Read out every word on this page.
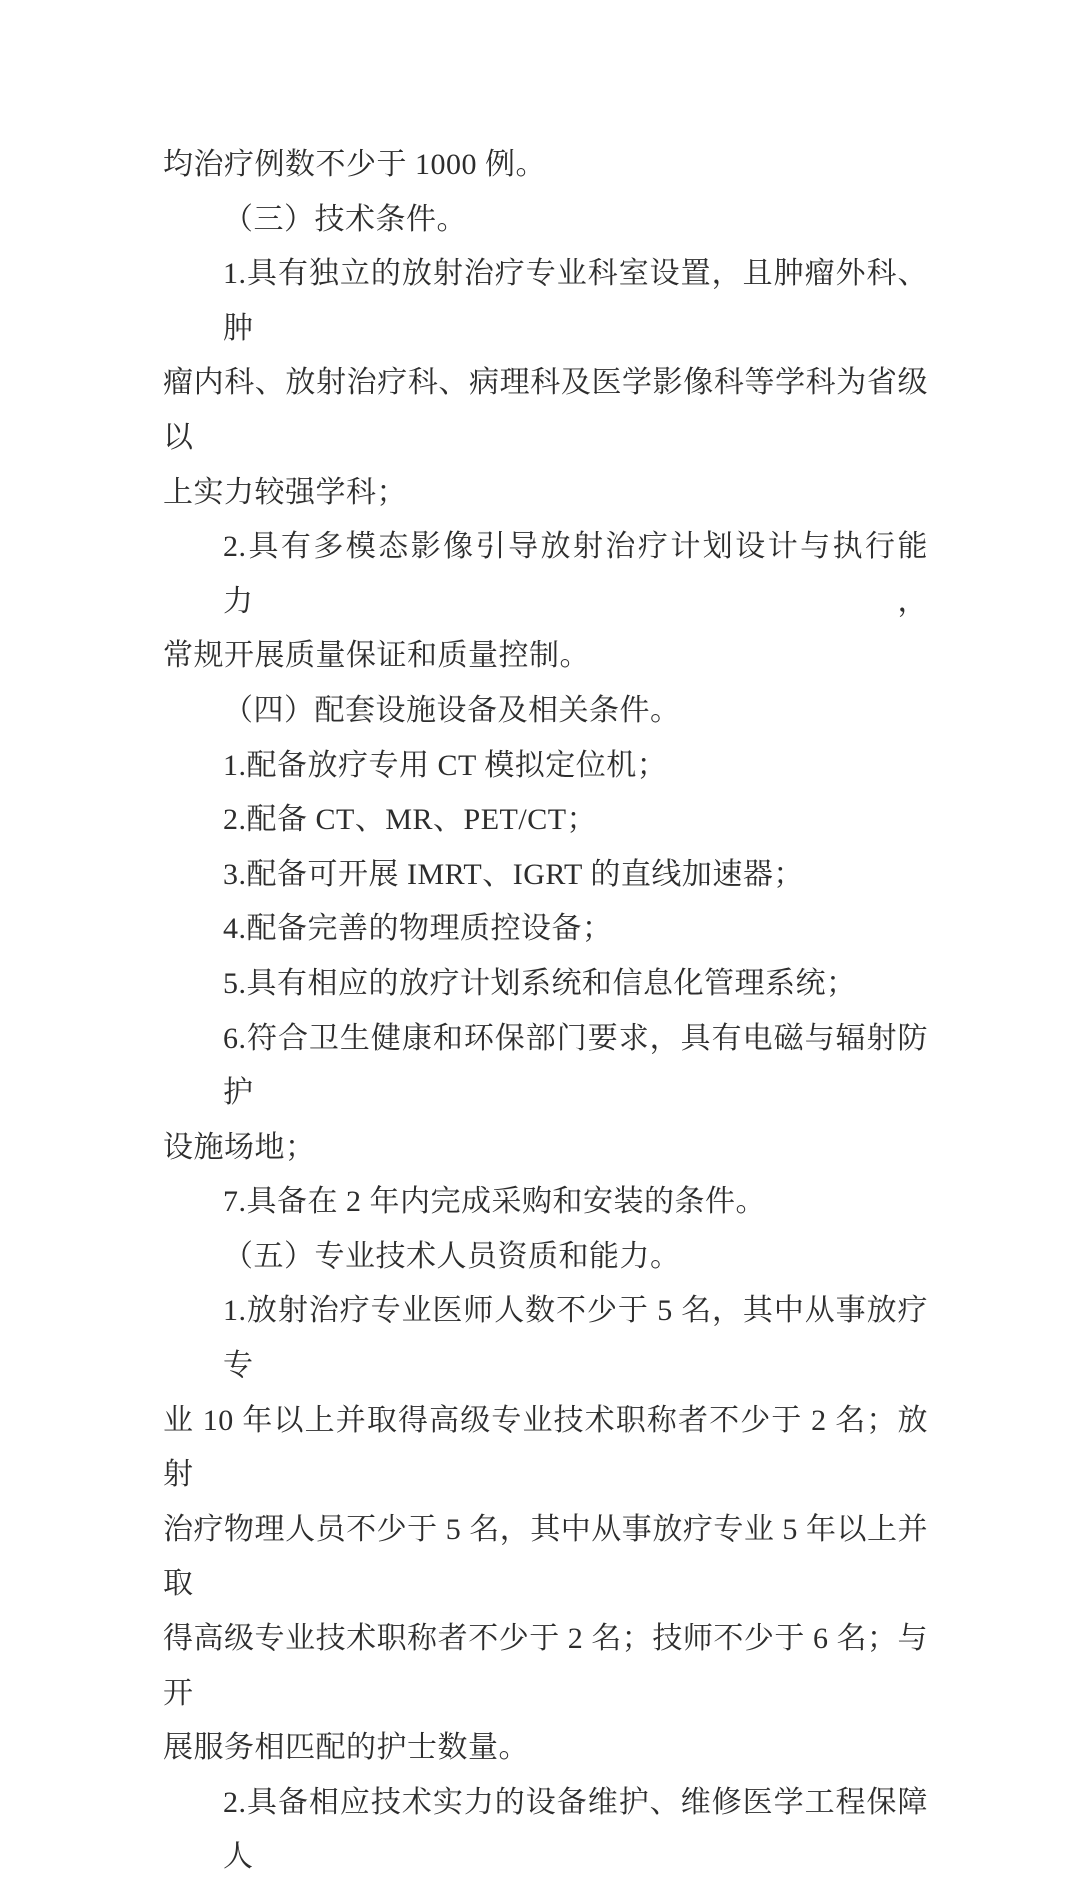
均治疗例数不少于 1000 例。
（三）技术条件。
1.具有独立的放射治疗专业科室设置，且肿瘤外科、肿
瘤内科、放射治疗科、病理科及医学影像科等学科为省级以
上实力较强学科；
2.具有多模态影像引导放射治疗计划设计与执行能力，
常规开展质量保证和质量控制。
（四）配套设施设备及相关条件。
1.配备放疗专用 CT 模拟定位机；
2.配备 CT、MR、PET/CT；
3.配备可开展 IMRT、IGRT 的直线加速器；
4.配备完善的物理质控设备；
5.具有相应的放疗计划系统和信息化管理系统；
6.符合卫生健康和环保部门要求，具有电磁与辐射防护
设施场地；
7.具备在 2 年内完成采购和安装的条件。
（五）专业技术人员资质和能力。
1.放射治疗专业医师人数不少于 5 名，其中从事放疗专
业 10 年以上并取得高级专业技术职称者不少于 2 名；放射
治疗物理人员不少于 5 名，其中从事放疗专业 5 年以上并取
得高级专业技术职称者不少于 2 名；技师不少于 6 名；与开
展服务相匹配的护士数量。
2.具备相应技术实力的设备维护、维修医学工程保障人
